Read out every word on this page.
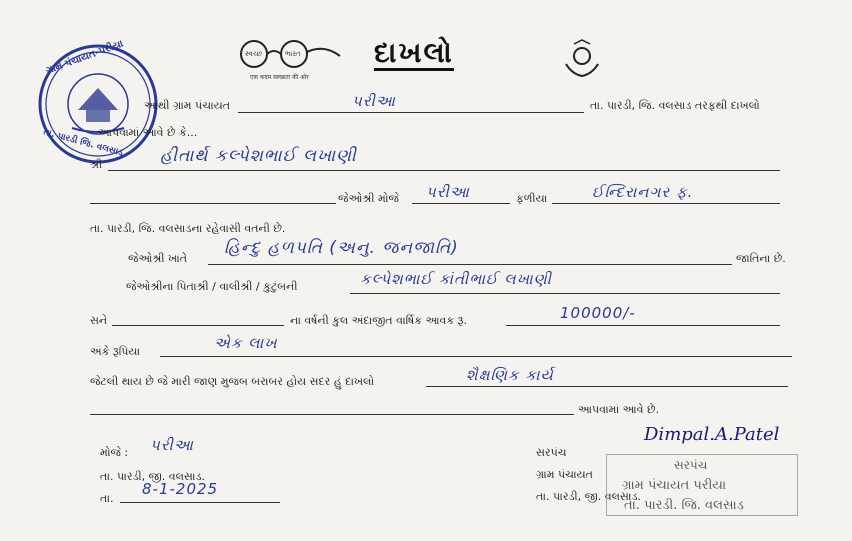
ગ્રામ પંચાયત-પરીયા
તા. પારડી જિ. વલસાડ
સ્વચ્છ	ભારત
एक कदम स्वच्छता की ओर
દાખલો
આથી ગ્રામ પંચાયત	પરીઆ	તા. પારડી, જિ. વલસાડ તરફથી દાખલો
આપવામાં આવે છે કે...
શ્રી	હીતાર્થ કલ્પેશભાઈ લખાણી
જેઓશ્રી મોજે પરીઆ	ફળીયા	ઈન્દિરાનગર ફ.
તા. પારડી, જિ. વલસાડના રહેવાસી વતની છે.
જેઓશ્રી ખાતે
હિન્દુ હળપતિ (અનુ. જનજાતિ)
જાતિના છે.
જેઓશ્રીના પિતાશ્રી / વાલીશ્રી / કુટુંબની	કલ્પેશભાઈ કાંતીભાઈ લખાણી
સને	ના વર્ષની કુલ અંદાજીત વાર્ષિક આવક રૂ.	100000/-
અંકે રૂપિયા	એક લાખ
જેટલી થાય છે જે મારી જાણ મુજબ બરાબર હોય સદર હું દાખલો	શૈક્ષણિક કાર્ય
આપવામાં આવે છે.
મોજે : પરીઆ
તા. પારડી, જી. વલસાડ.
તા.
8-1-2025
સરપંચ
ગ્રામ પંચાયત
તા. પારડી, જી. વલસાડ.
Dimpal.A.Patel
સરપંચ
ગ્રામ પંચાયત પરીયા
તા. પારડી. જિ. વલસાડ
